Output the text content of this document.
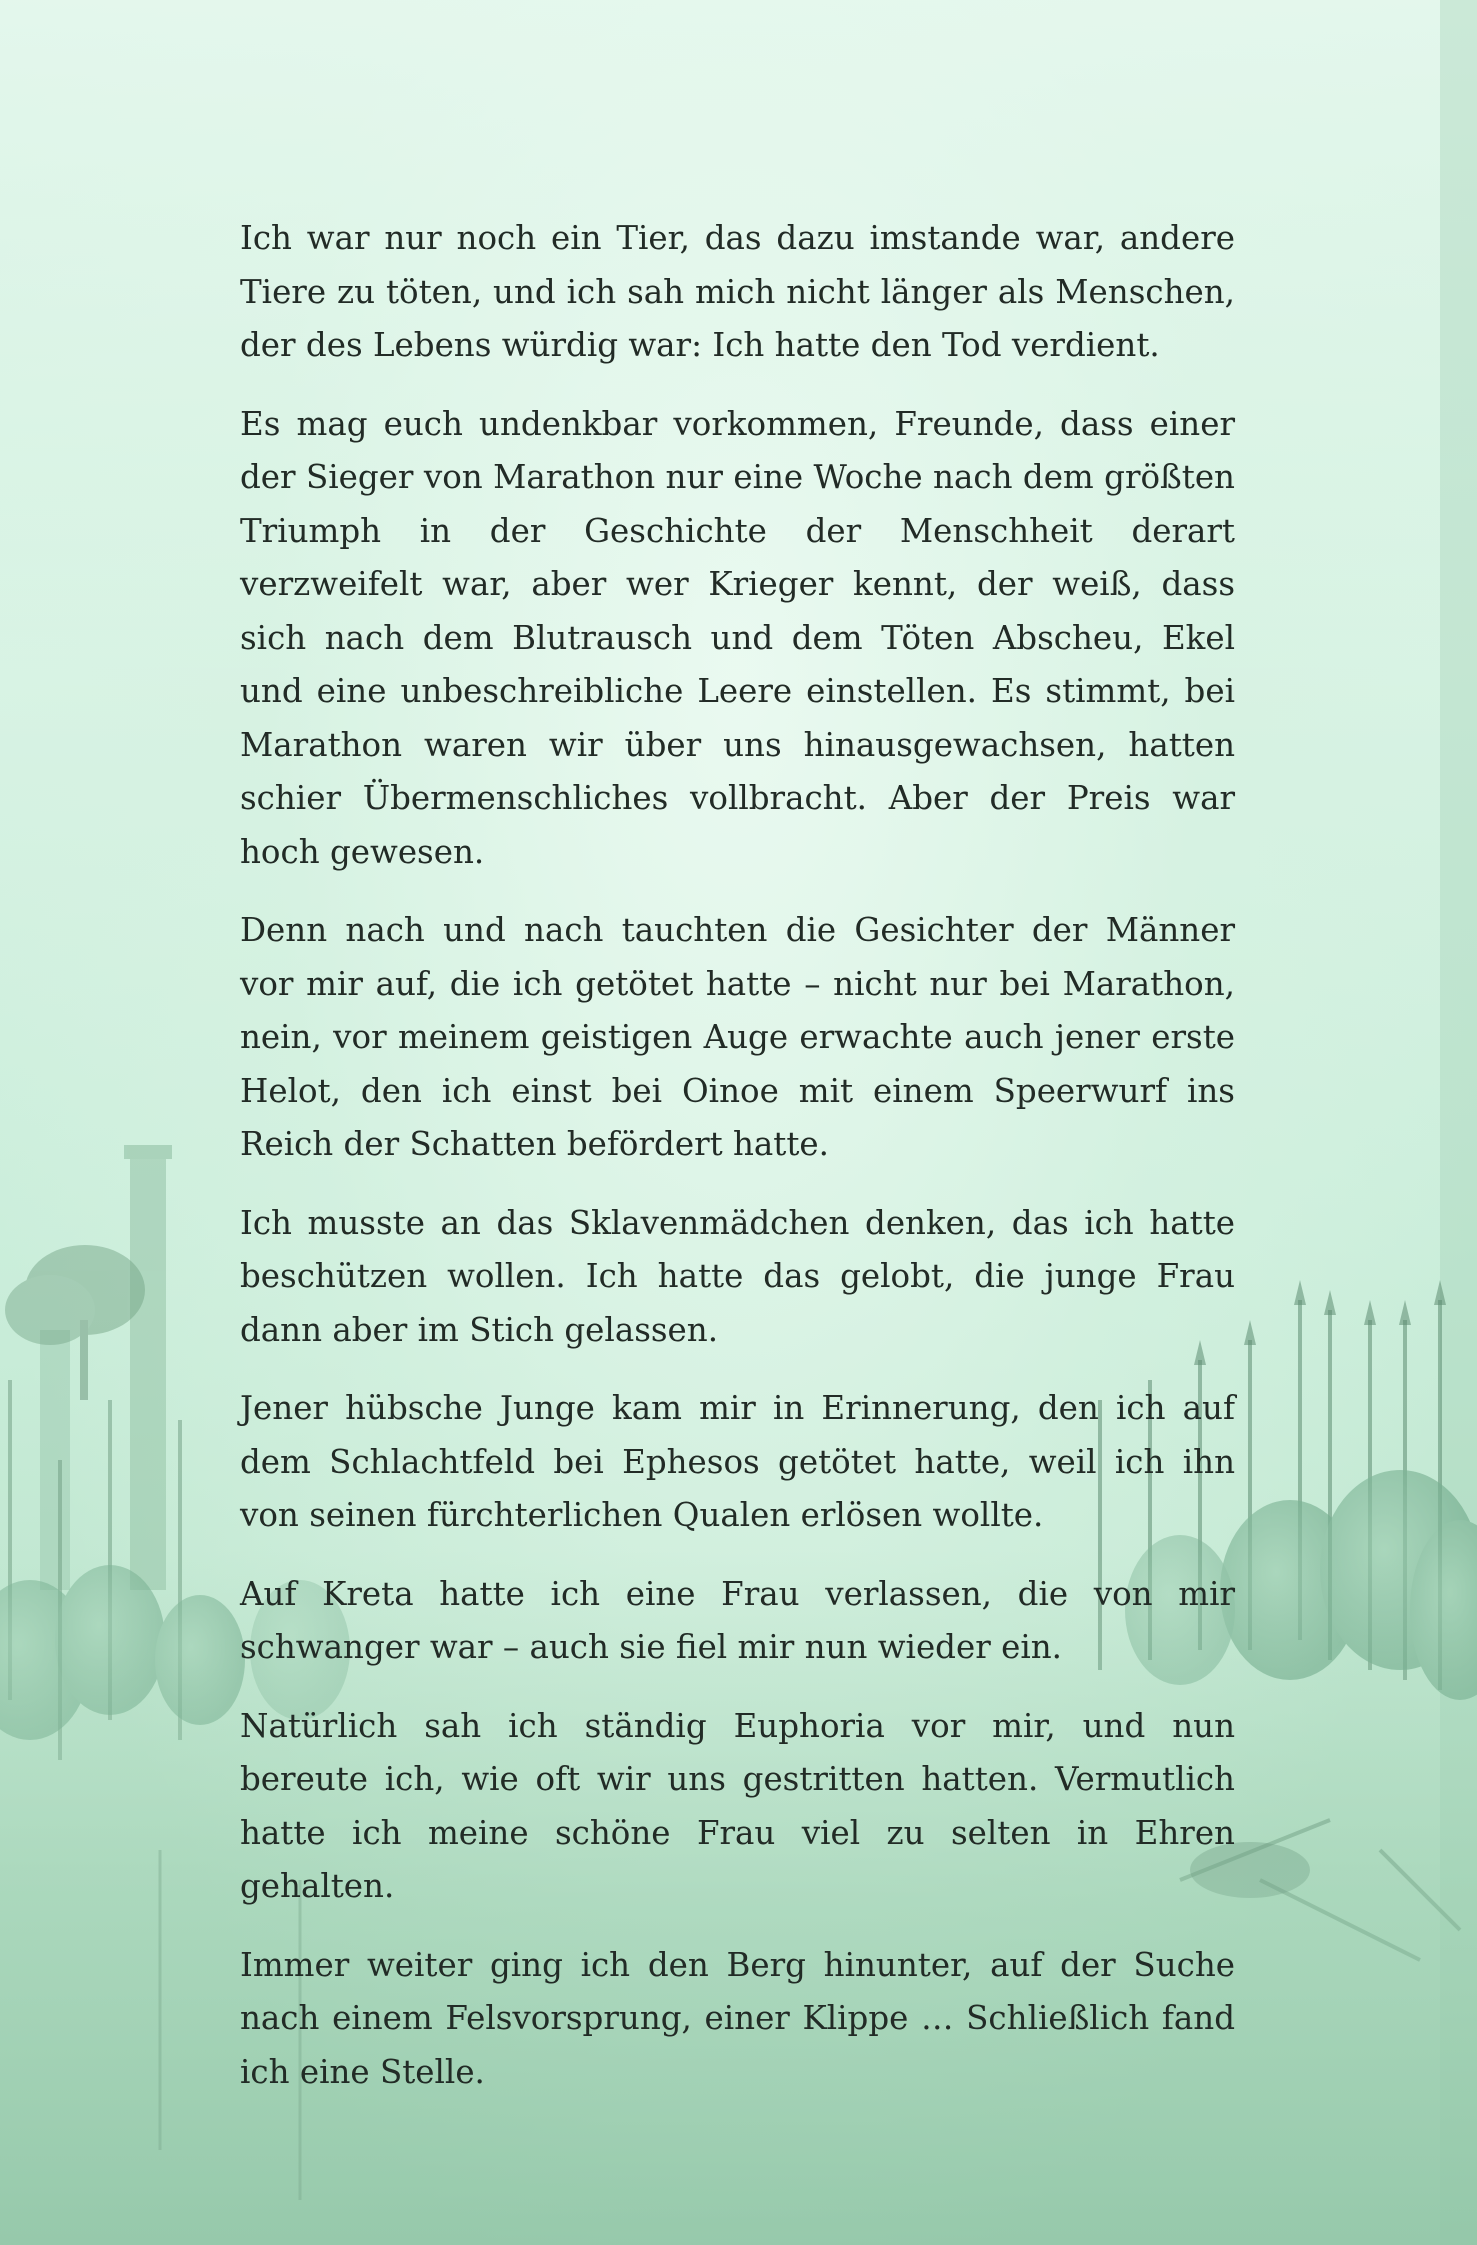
Ich war nur noch ein Tier, das dazu imstande war, andere Tiere zu töten, und ich sah mich nicht länger als Menschen, der des Lebens würdig war: Ich hatte den Tod verdient.

Es mag euch undenkbar vorkommen, Freunde, dass einer der Sieger von Marathon nur eine Woche nach dem größten Triumph in der Geschichte der Menschheit derart verzweifelt war, aber wer Krieger kennt, der weiß, dass sich nach dem Blutrausch und dem Töten Abscheu, Ekel und eine unbeschreibliche Leere einstellen. Es stimmt, bei Marathon waren wir über uns hinausgewachsen, hatten schier Übermenschliches vollbracht. Aber der Preis war hoch gewesen.

Denn nach und nach tauchten die Gesichter der Männer vor mir auf, die ich getötet hatte – nicht nur bei Marathon, nein, vor meinem geistigen Auge erwachte auch jener erste Helot, den ich einst bei Oinoe mit einem Speerwurf ins Reich der Schatten befördert hatte.

Ich musste an das Sklavenmädchen denken, das ich hatte beschützen wollen. Ich hatte das gelobt, die junge Frau dann aber im Stich gelassen.

Jener hübsche Junge kam mir in Erinnerung, den ich auf dem Schlachtfeld bei Ephesos getötet hatte, weil ich ihn von seinen fürchterlichen Qualen erlösen wollte.

Auf Kreta hatte ich eine Frau verlassen, die von mir schwanger war – auch sie fiel mir nun wieder ein.

Natürlich sah ich ständig Euphoria vor mir, und nun bereute ich, wie oft wir uns gestritten hatten. Vermutlich hatte ich meine schöne Frau viel zu selten in Ehren gehalten.

Immer weiter ging ich den Berg hinunter, auf der Suche nach einem Felsvorsprung, einer Klippe … Schließlich fand ich eine Stelle.
